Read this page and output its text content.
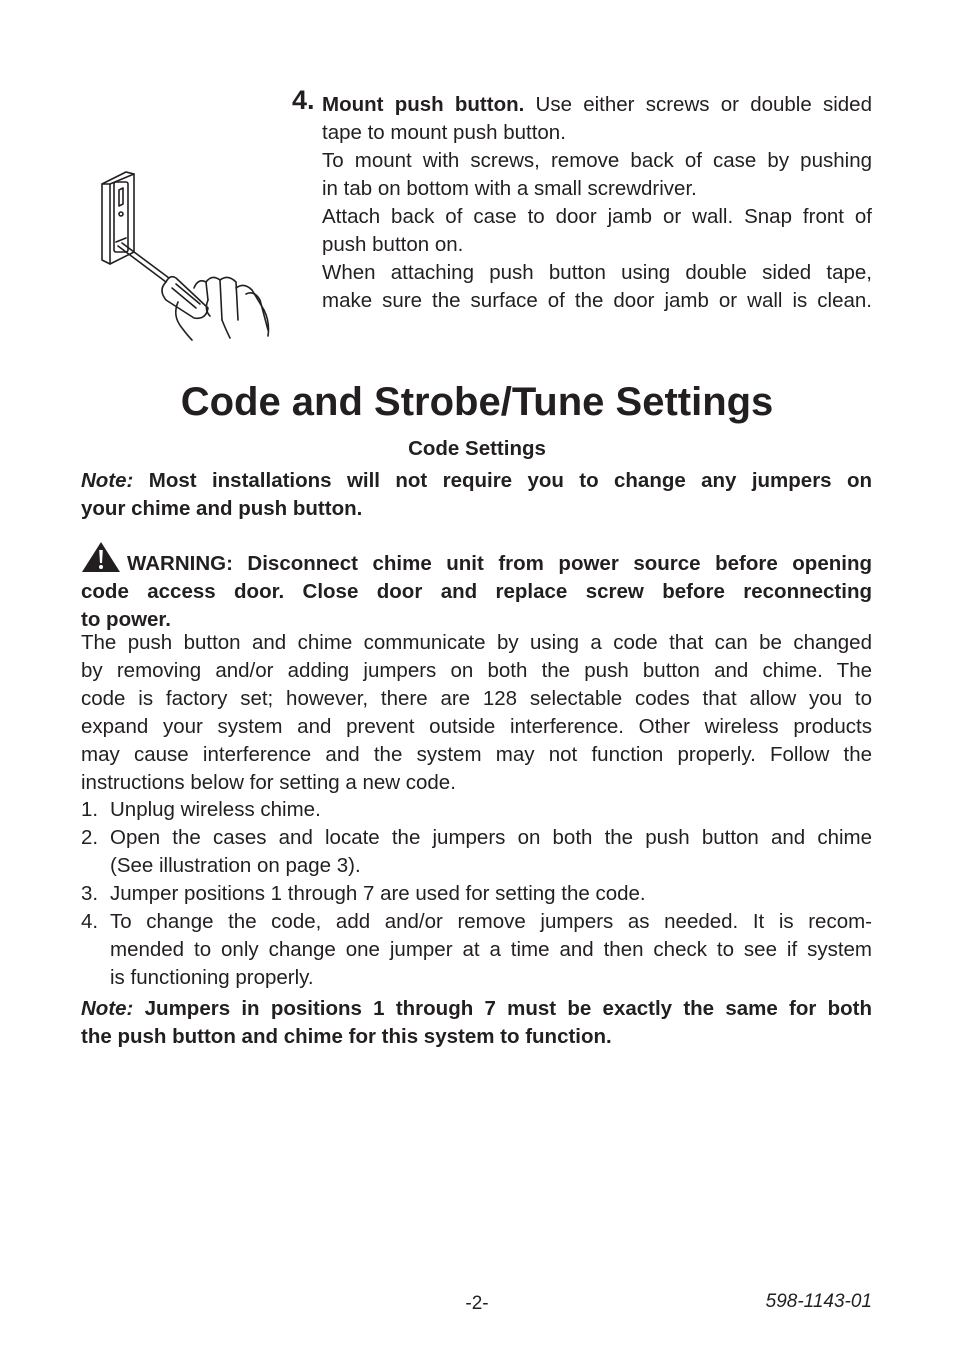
4. Mount push button. Use either screws or double sided

tape to mount push button.

To mount with screws, remove back of case by pushing

in tab on bottom with a small screwdriver.

Attach back of case to door jamb or wall. Snap front of

push button on.

When attaching push button using double sided tape,

make sure the surface of the door jamb or wall is clean.

Code and Strobe/Tune Settings
Code Settings

Note: Most installations will not require you to change any jumpers on

your chime and push button.

WARNING: Disconnect chime unit from power source before opening

code access door. Close door and replace screw before reconnecting

to power.

The push button and chime communicate by using a code that can be changed

by removing and/or adding jumpers on both the push button and chime. The

code is factory set; however, there are 128 selectable codes that allow you to

expand your system and prevent outside interference. Other wireless products

may cause interference and the system may not function properly. Follow the

instructions below for setting a new code.

1. Unplug wireless chime.
2. Open the cases and locate the jumpers on both the push button and chime
(See illustration on page 3).
3. Jumper positions 1 through 7 are used for setting the code.
4. To change the code, add and/or remove jumpers as needed. It is recom-
mended to only change one jumper at a time and then check to see if system
is functioning properly.

Note: Jumpers in positions 1 through 7 must be exactly the same for both

the push button and chime for this system to function.

-2-	598-1143-01
